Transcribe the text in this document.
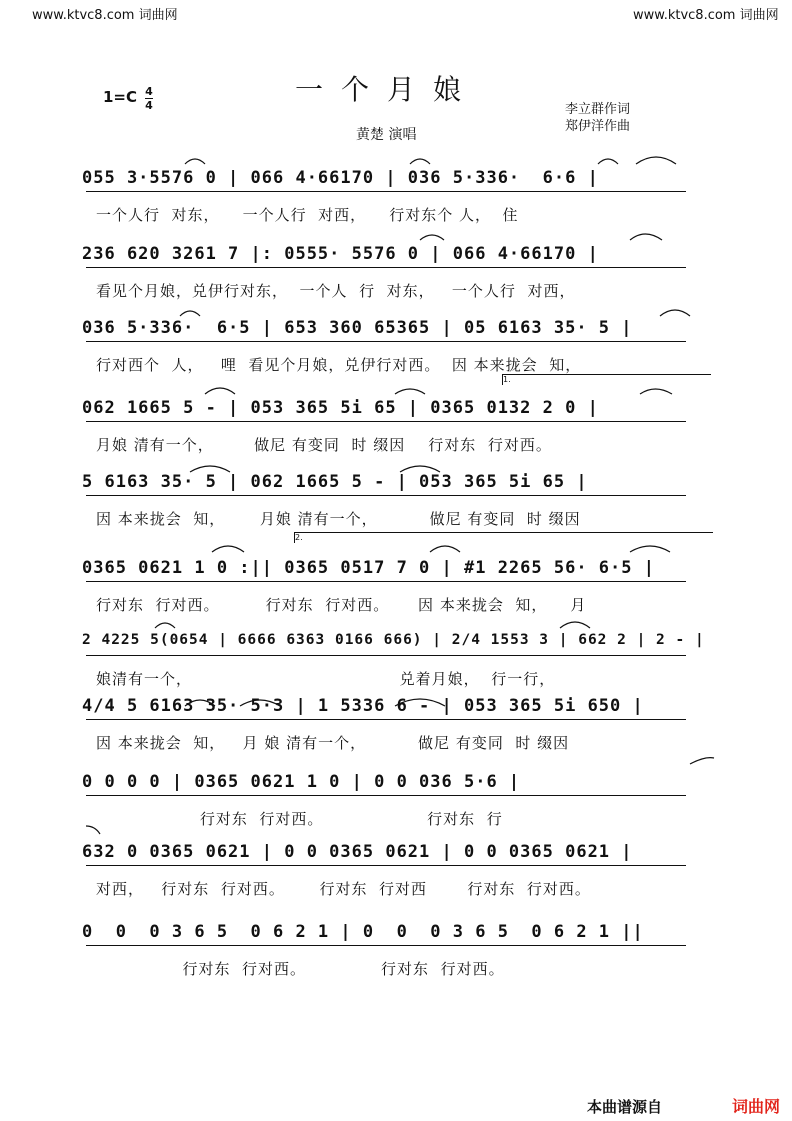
www.ktvc8.com 词曲网	www.ktvc8.com 词曲网
一个月娘
1=C 4
4
黄楚 演唱
李立群作词
郑伊洋作曲
055 3·5576 0 | 066 4·66170 | 036 5·336·  6·6 |
一个人行  对东，    一个人行  对西，    行对东个 人，  住
236 620 3261 7 |: 0555· 5576 0 | 066 4·66170 |
看见个月娘，兑伊行对东，  一个人  行  对东，   一个人行  对西，
036 5·336·  6·5 | 653 360 65365 | 05 6163 35· 5 |
行对西个  人，   哩  看见个月娘，兑伊行对西。  因 本来拢会  知，
062 1665 5 - | 053 365 5i 65 | 0365 0132 2 0 |
月娘 清有一个，       做尼 有变同  时 缀因    行对东  行对西。
5 6163 35· 5 | 062 1665 5 - | 053 365 5i 65 |
因 本来拢会  知，      月娘 清有一个，         做尼 有变同  时 缀因
0365 0621 1 0 :|| 0365 0517 7 0 | #1 2265 56· 6·5 |
行对东  行对西。        行对东  行对西。     因 本来拢会  知，    月
2 4225 5(0654 | 6666 6363 0166 666) | 2/4 1553 3 | 662 2 | 2 - |
娘清有一个，                                    兑着月娘，  行一行，
4/4 5 6163 35· 5·3 | 1 5336 6 - | 053 365 5i 650 |
因 本来拢会  知，   月 娘 清有一个，         做尼 有变同  时 缀因
0 0 0 0 | 0365 0621 1 0 | 0 0 036 5·6 |
行对东  行对西。                  行对东  行
632 0 0365 0621 | 0 0 0365 0621 | 0 0 0365 0621 |
对西，   行对东  行对西。      行对东  行对西       行对东  行对西。
0  0  0 3 6 5  0 6 2 1 | 0  0  0 3 6 5  0 6 2 1 ||
行对东  行对西。             行对东  行对西。
1.
2.
本曲谱源自	词曲网
